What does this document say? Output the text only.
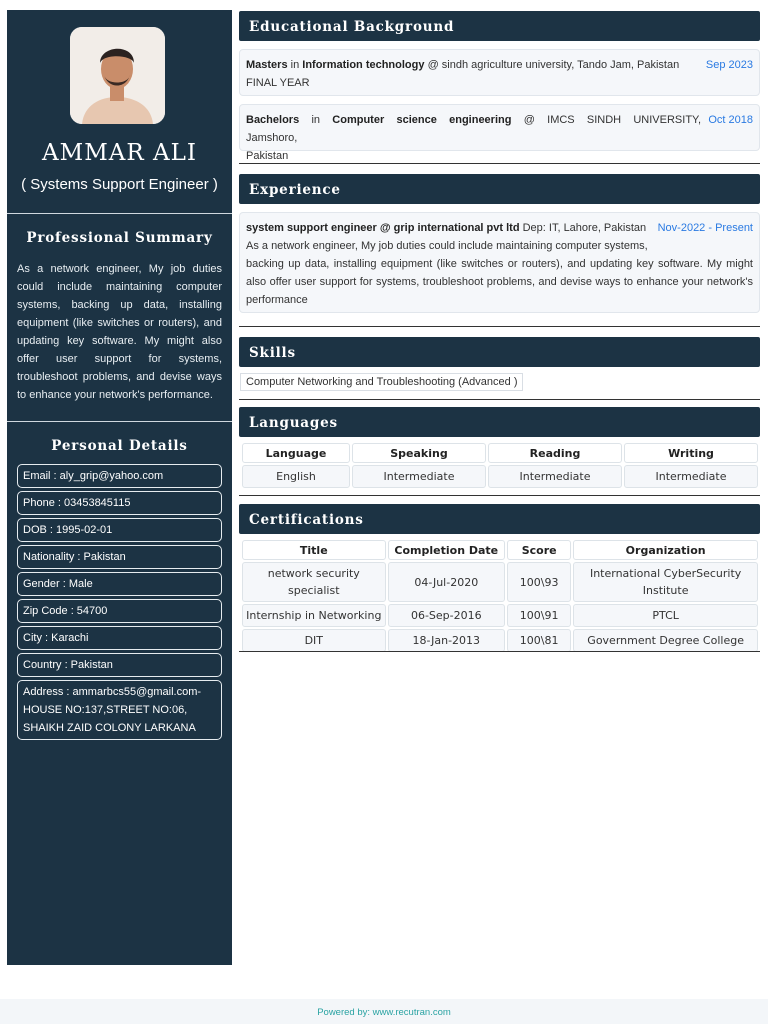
AMMAR ALI
( Systems Support Engineer )
Professional Summary
As a network engineer, My job duties could include maintaining computer systems, backing up data, installing equipment (like switches or routers), and updating key software. My might also offer user support for systems, troubleshoot problems, and devise ways to enhance your network's performance.
Personal Details
Email : aly_grip@yahoo.com
Phone : 03453845115
DOB : 1995-02-01
Nationality : Pakistan
Gender : Male
Zip Code : 54700
City : Karachi
Country : Pakistan
Address : ammarbcs55@gmail.com-HOUSE NO:137,STREET NO:06, SHAIKH ZAID COLONY LARKANA
Educational Background
Masters in Information technology @ sindh agriculture university, Tando Jam, Pakistan
FINAL YEAR
Sep 2023
Bachelors in Computer science engineering @ IMCS SINDH UNIVERSITY, Jamshoro,
Pakistan
Oct 2018
Experience
system support engineer @ grip international pvt ltd Dep: IT, Lahore, Pakistan	Nov-2022 - Present
As a network engineer, My job duties could include maintaining computer systems,
backing up data, installing equipment (like switches or routers), and updating key software. My might also offer user support for systems, troubleshoot problems, and devise ways to enhance your network's performance
Skills
Computer Networking and Troubleshooting (Advanced )
Languages
Language	Speaking	Reading	Writing
English	Intermediate	Intermediate	Intermediate
Certifications
Title	Completion Date	Score	Organization
network security specialist	04-Jul-2020	100\93	International CyberSecurity Institute
Internship in Networking	06-Sep-2016	100\91	PTCL
DIT	18-Jan-2013	100\81	Government Degree College
Powered by: www.recutran.com
